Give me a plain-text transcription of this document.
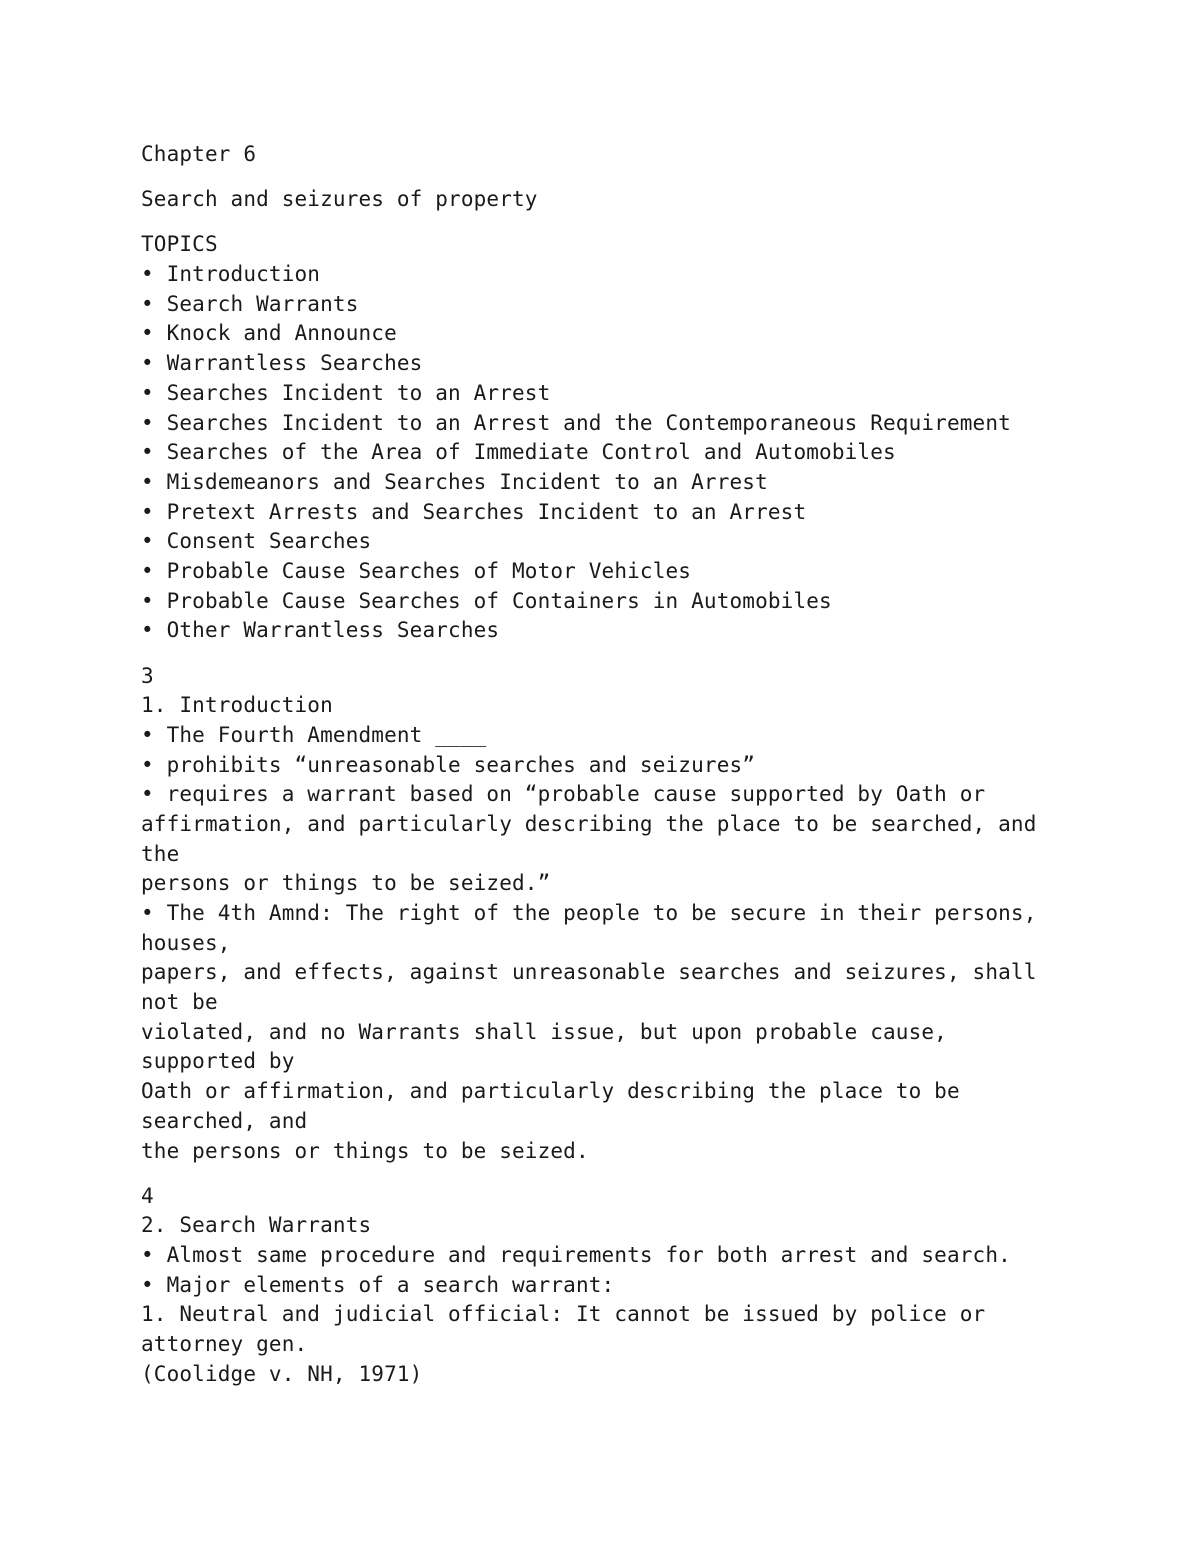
Chapter 6
Search and seizures of property
TOPICS
• Introduction
• Search Warrants
• Knock and Announce
• Warrantless Searches
• Searches Incident to an Arrest
• Searches Incident to an Arrest and the Contemporaneous Requirement
• Searches of the Area of Immediate Control and Automobiles
• Misdemeanors and Searches Incident to an Arrest
• Pretext Arrests and Searches Incident to an Arrest
• Consent Searches
• Probable Cause Searches of Motor Vehicles
• Probable Cause Searches of Containers in Automobiles
• Other Warrantless Searches
3
1. Introduction
• The Fourth Amendment ____
• prohibits “unreasonable searches and seizures”
• requires a warrant based on “probable cause supported by Oath or
affirmation, and particularly describing the place to be searched, and
the
persons or things to be seized.”
• The 4th Amnd: The right of the people to be secure in their persons,
houses,
papers, and effects, against unreasonable searches and seizures, shall
not be
violated, and no Warrants shall issue, but upon probable cause,
supported by
Oath or affirmation, and particularly describing the place to be
searched, and
the persons or things to be seized.
4
2. Search Warrants
• Almost same procedure and requirements for both arrest and search.
• Major elements of a search warrant:
1. Neutral and judicial official: It cannot be issued by police or
attorney gen.
(Coolidge v. NH, 1971)
